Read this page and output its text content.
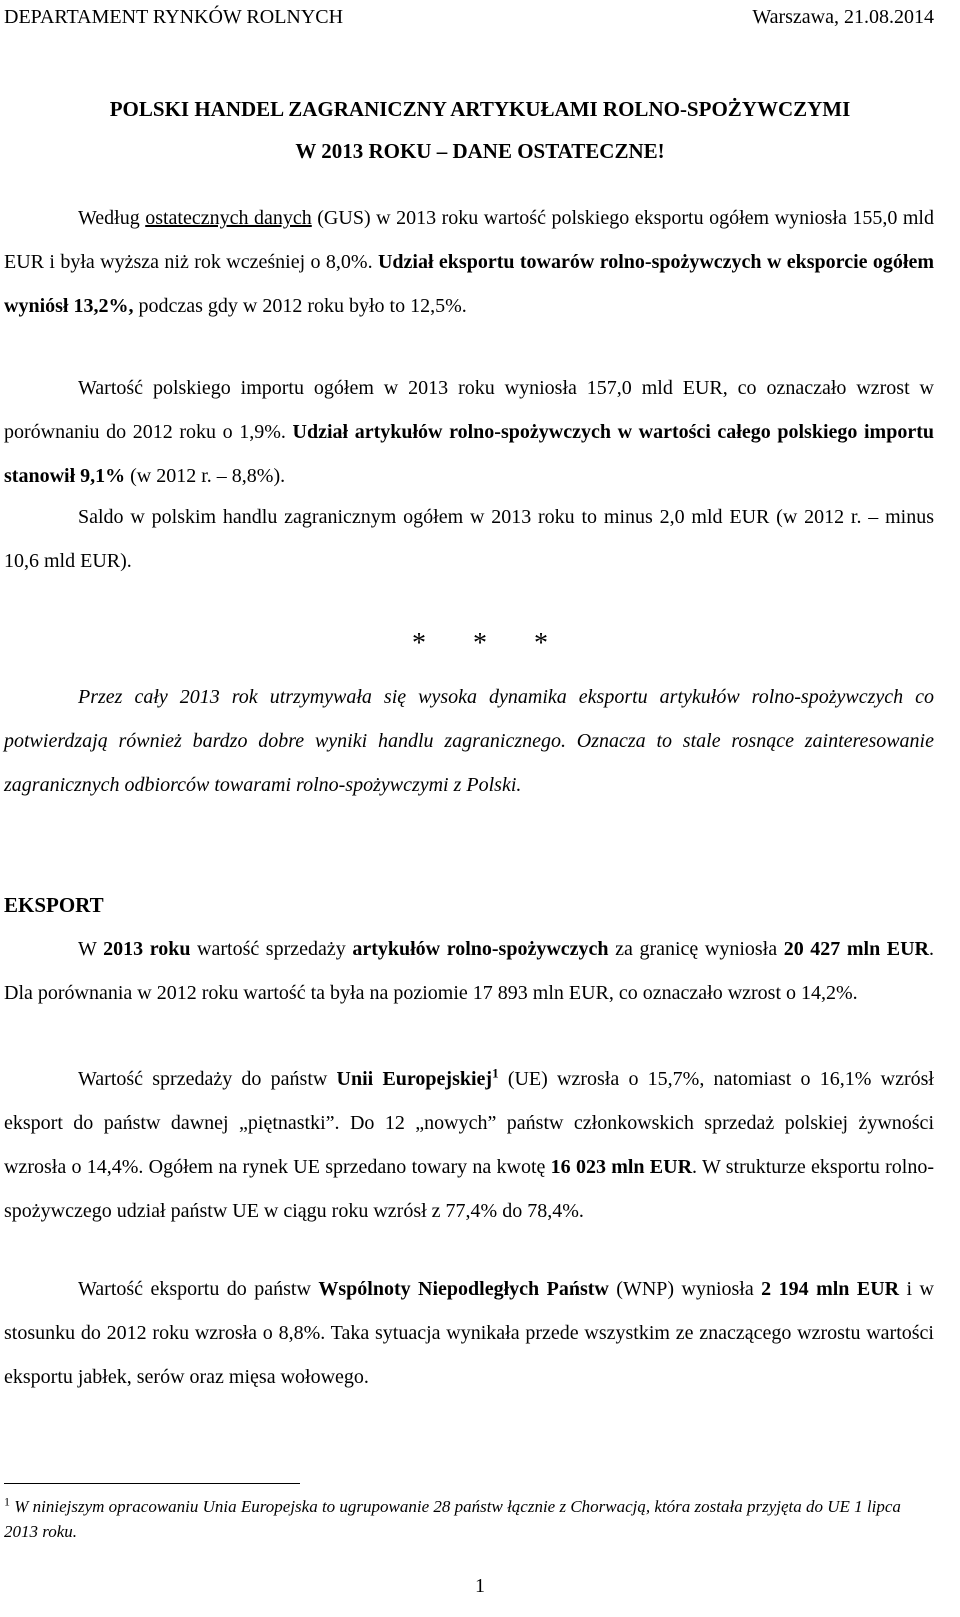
DEPARTAMENT RYNKÓW ROLNYCH	Warszawa, 21.08.2014
POLSKI HANDEL ZAGRANICZNY ARTYKUŁAMI ROLNO-SPOŻYWCZYMI
W 2013 ROKU – DANE OSTATECZNE!
Według ostatecznych danych (GUS) w 2013 roku wartość polskiego eksportu ogółem wyniosła 155,0 mld EUR i była wyższa niż rok wcześniej o 8,0%. Udział eksportu towarów rolno-spożywczych w eksporcie ogółem wyniósł 13,2%, podczas gdy w 2012 roku było to 12,5%.
Wartość polskiego importu ogółem w 2013 roku wyniosła 157,0 mld EUR, co oznaczało wzrost w porównaniu do 2012 roku o 1,9%. Udział artykułów rolno-spożywczych w wartości całego polskiego importu stanowił 9,1% (w 2012 r. – 8,8%).
Saldo w polskim handlu zagranicznym ogółem w 2013 roku to minus 2,0 mld EUR (w 2012 r. – minus 10,6 mld EUR).
* * *
Przez cały 2013 rok utrzymywała się wysoka dynamika eksportu artykułów rolno-spożywczych co potwierdzają również bardzo dobre wyniki handlu zagranicznego. Oznacza to stale rosnące zainteresowanie zagranicznych odbiorców towarami rolno-spożywczymi z Polski.
EKSPORT
W 2013 roku wartość sprzedaży artykułów rolno-spożywczych za granicę wyniosła 20 427 mln EUR. Dla porównania w 2012 roku wartość ta była na poziomie 17 893 mln EUR, co oznaczało wzrost o 14,2%.
Wartość sprzedaży do państw Unii Europejskiej$^1$ (UE) wzrosła o 15,7%, natomiast o 16,1% wzrósł eksport do państw dawnej „piętnastki”. Do 12 „nowych” państw członkowskich sprzedaż polskiej żywności wzrosła o 14,4%. Ogółem na rynek UE sprzedano towary na kwotę 16 023 mln EUR. W strukturze eksportu rolno-spożywczego udział państw UE w ciągu roku wzrósł z 77,4% do 78,4%.
Wartość eksportu do państw Wspólnoty Niepodległych Państw (WNP) wyniosła 2 194 mln EUR i w stosunku do 2012 roku wzrosła o 8,8%. Taka sytuacja wynikała przede wszystkim ze znaczącego wzrostu wartości eksportu jabłek, serów oraz mięsa wołowego.
$^1$ W niniejszym opracowaniu Unia Europejska to ugrupowanie 28 państw łącznie z Chorwacją, która została przyjęta do UE 1 lipca 2013 roku.
1
